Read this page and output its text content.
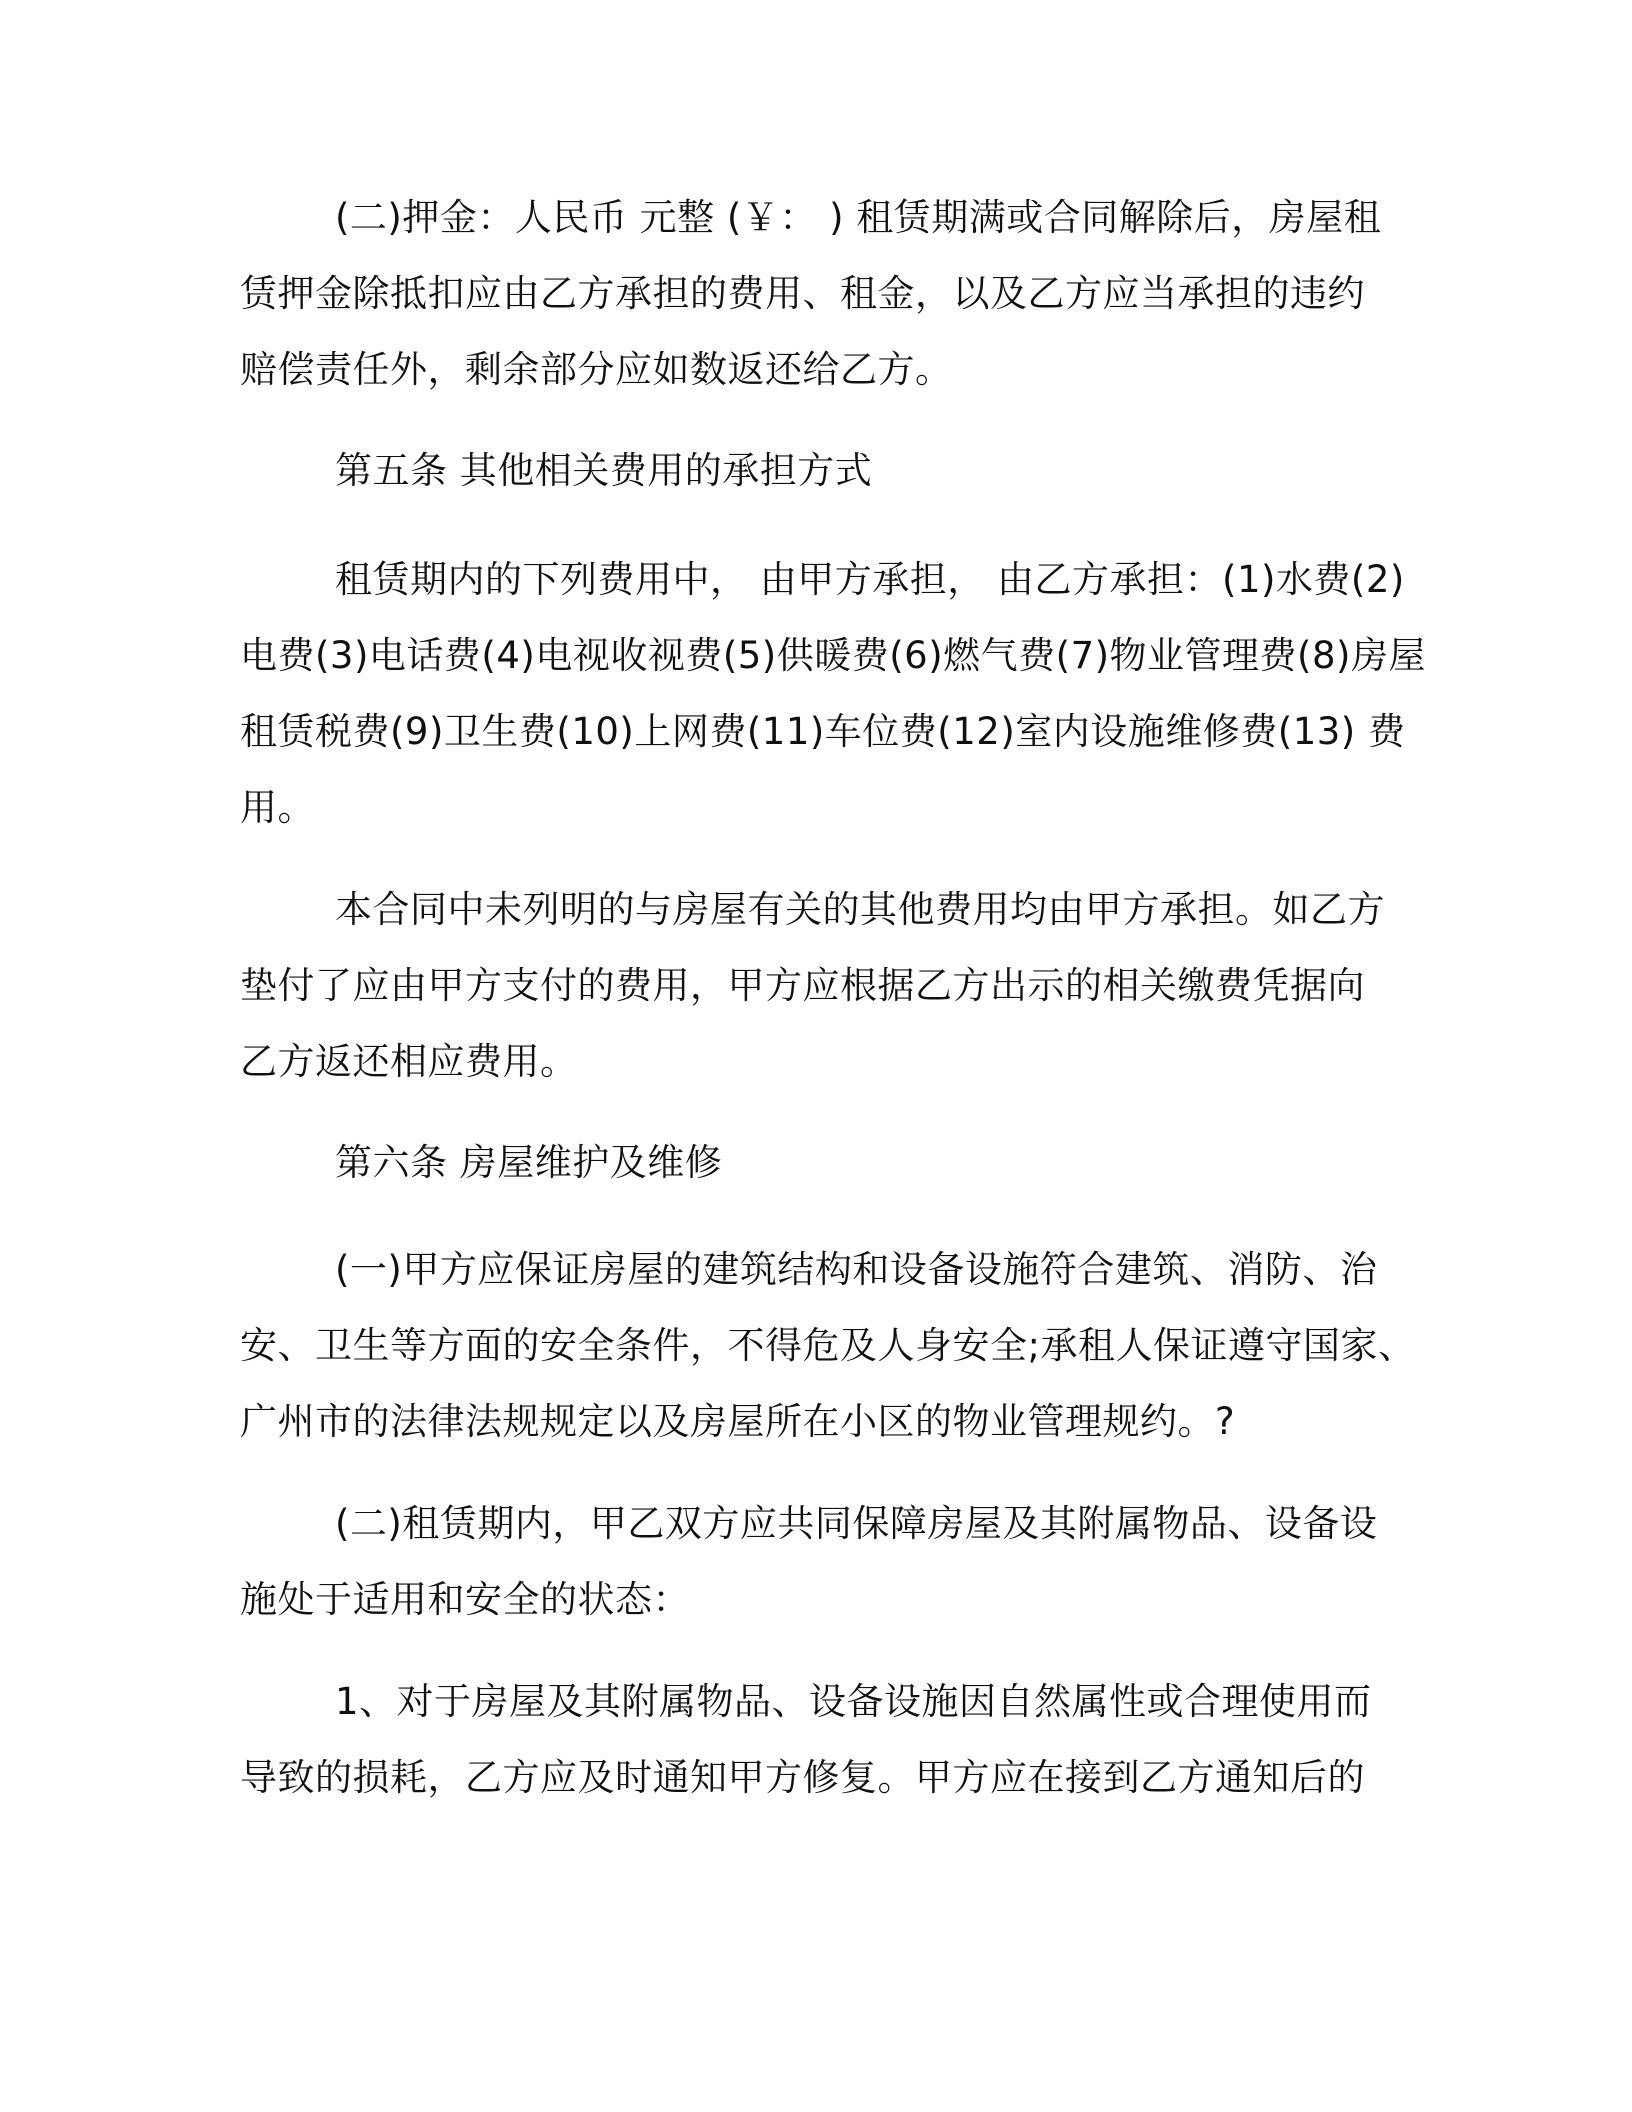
(二)押金：人民币 元整 (￥： ) 租赁期满或合同解除后，房屋租
赁押金除抵扣应由乙方承担的费用、租金，以及乙方应当承担的违约
赔偿责任外，剩余部分应如数返还给乙方。
第五条 其他相关费用的承担方式
租赁期内的下列费用中， 由甲方承担， 由乙方承担：(1)水费(2)
电费(3)电话费(4)电视收视费(5)供暖费(6)燃气费(7)物业管理费(8)房屋
租赁税费(9)卫生费(10)上网费(11)车位费(12)室内设施维修费(13) 费
用。
本合同中未列明的与房屋有关的其他费用均由甲方承担。如乙方
垫付了应由甲方支付的费用，甲方应根据乙方出示的相关缴费凭据向
乙方返还相应费用。
第六条 房屋维护及维修
(一)甲方应保证房屋的建筑结构和设备设施符合建筑、消防、治
安、卫生等方面的安全条件，不得危及人身安全;承租人保证遵守国家、
广州市的法律法规规定以及房屋所在小区的物业管理规约。?
(二)租赁期内，甲乙双方应共同保障房屋及其附属物品、设备设
施处于适用和安全的状态：
1、对于房屋及其附属物品、设备设施因自然属性或合理使用而
导致的损耗，乙方应及时通知甲方修复。甲方应在接到乙方通知后的
